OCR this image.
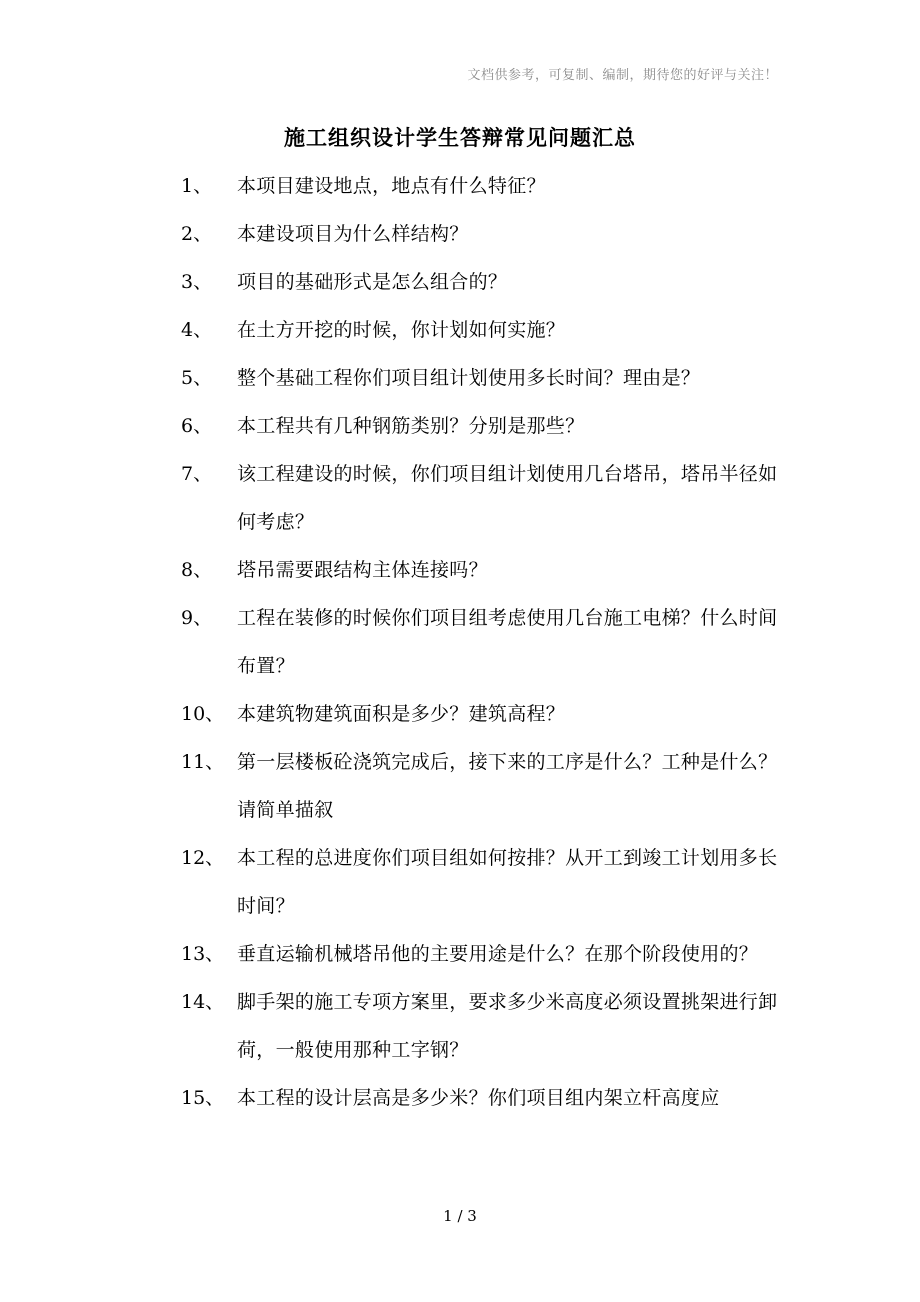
文档供参考，可复制、编制，期待您的好评与关注！
施工组织设计学生答辩常见问题汇总
1、	本项目建设地点，地点有什么特征？
2、	本建设项目为什么样结构？
3、	项目的基础形式是怎么组合的？
4、	在土方开挖的时候，你计划如何实施？
5、	整个基础工程你们项目组计划使用多长时间？理由是？
6、	本工程共有几种钢筋类别？分别是那些？
7、	该工程建设的时候，你们项目组计划使用几台塔吊，塔吊半径如何考虑？
8、	塔吊需要跟结构主体连接吗？
9、	工程在装修的时候你们项目组考虑使用几台施工电梯？什么时间布置？
10、 本建筑物建筑面积是多少？建筑高程？
11、 第一层楼板砼浇筑完成后，接下来的工序是什么？工种是什么？请简单描叙
12、 本工程的总进度你们项目组如何按排？从开工到竣工计划用多长时间？
13、 垂直运输机械塔吊他的主要用途是什么？在那个阶段使用的？
14、 脚手架的施工专项方案里，要求多少米高度必须设置挑架进行卸荷，一般使用那种工字钢？
15、 本工程的设计层高是多少米？你们项目组内架立杆高度应
1 / 3
